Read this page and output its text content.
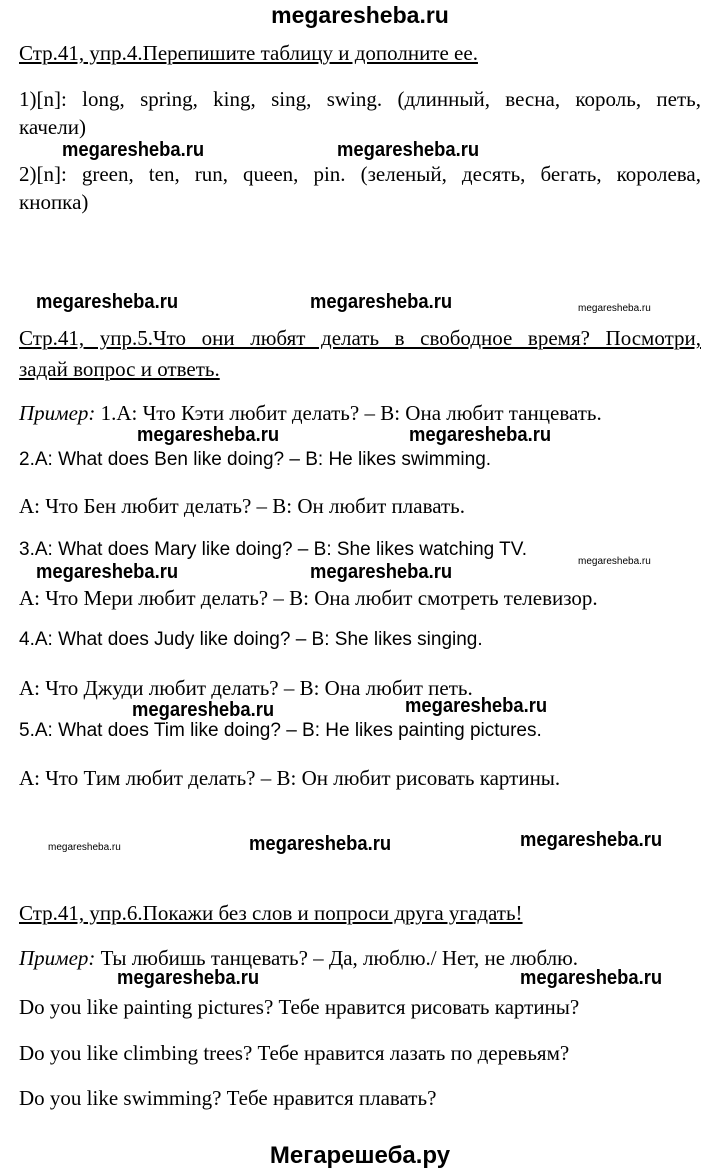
megaresheba.ru
Стр.41, упр.4.Перепишите таблицу и дополните ее.
1)[n]: long, spring, king, sing, swing. (длинный, весна, король, петь,
качели)
2)[n]: green, ten, run, queen, pin. (зеленый, десять, бегать, королева,
кнопка)
Стр.41, упр.5.Что они любят делать в свободное время? Посмотри,
задай вопрос и ответь.
Пример: 1.А: Что Кэти любит делать? – В: Она любит танцевать.
2.A: What does Ben like doing? – B: He likes swimming.
А: Что Бен любит делать? – В: Он любит плавать.
3.A: What does Mary like doing? – B: She likes watching TV.
А: Что Мери любит делать? – В: Она любит смотреть телевизор.
4.A: What does Judy like doing? – B: She likes singing.
А: Что Джуди любит делать? – В: Она любит петь.
5.A: What does Tim like doing? – B: He likes painting pictures.
А: Что Тим любит делать? – В: Он любит рисовать картины.
Стр.41, упр.6.Покажи без слов и попроси друга угадать!
Пример: Ты любишь танцевать? – Да, люблю./ Нет, не люблю.
Do you like painting pictures? Тебе нравится рисовать картины?
Do you like climbing trees? Тебе нравится лазать по деревьям?
Do you like swimming? Тебе нравится плавать?
megaresheba.ru	megaresheba.ru
megaresheba.ru	megaresheba.ru	megaresheba.ru
megaresheba.ru	megaresheba.ru
megaresheba.ru
megaresheba.ru	megaresheba.ru
megaresheba.ru	megaresheba.ru
megaresheba.ru	megaresheba.ru	megaresheba.ru
megaresheba.ru	megaresheba.ru
Мегарешеба.ру
